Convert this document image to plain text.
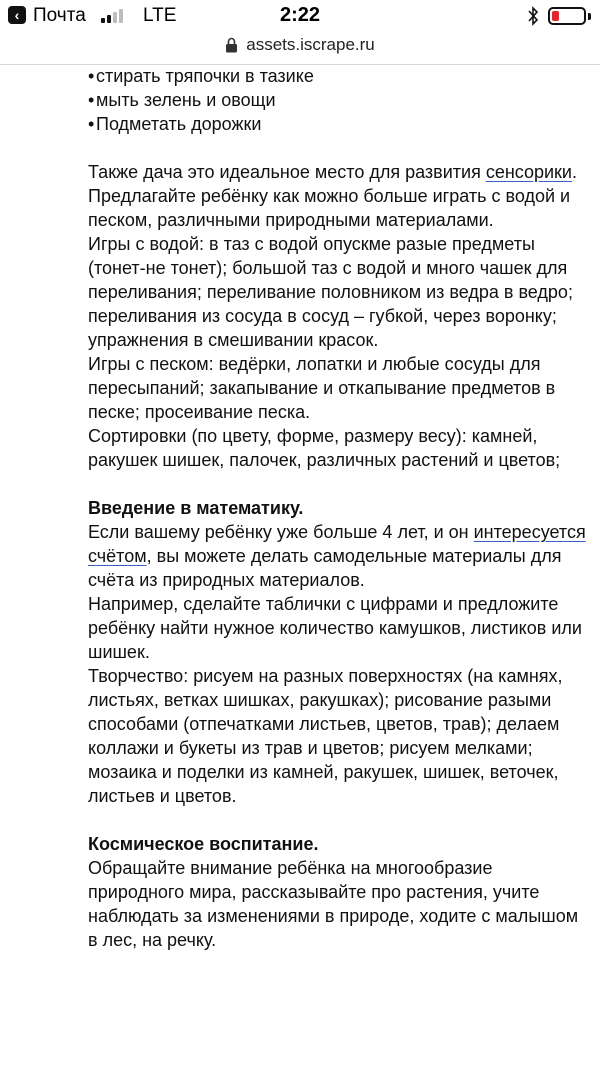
‹ Почта	LTE	2:22
assets.iscrape.ru

•стирать тряпочки в тазике

•мыть зелень и овощи

•Подметать дорожки

Также дача это идеальное место для развития сенсорики. Предлагайте ребёнку как можно больше играть с водой и песком, различными природными материалами.

Игры с водой: в таз с водой опускме разые предметы (тонет-не тонет); большой таз с водой и много чашек для переливания; переливание половником из ведра в ведро; переливания из сосуда в сосуд – губкой, через воронку; упражнения в смешивании красок.

Игры с песком: ведёрки, лопатки и любые сосуды для пересыпаний; закапывание и откапывание предметов в песке; просеивание песка.

Сортировки (по цвету, форме, размеру весу): камней, ракушек шишек, палочек, различных растений и цветов;

Введение в математику.

Если вашему ребёнку уже больше 4 лет, и он интересуется счётом, вы можете делать самодельные материалы для счёта из природных материалов.

Например, сделайте таблички с цифрами и предложите ребёнку найти нужное количество камушков, листиков или шишек.

Творчество: рисуем на разных поверхностях (на камнях, листьях, ветках шишках, ракушках); рисование разыми способами (отпечатками листьев, цветов, трав); делаем коллажи и букеты из трав и цветов; рисуем мелками; мозаика и поделки из камней, ракушек, шишек, веточек, листьев и цветов.

Космическое воспитание.

Обращайте внимание ребёнка на многообразие природного мира, рассказывайте про растения, учите наблюдать за изменениями в природе, ходите с малышом в лес, на речку.
